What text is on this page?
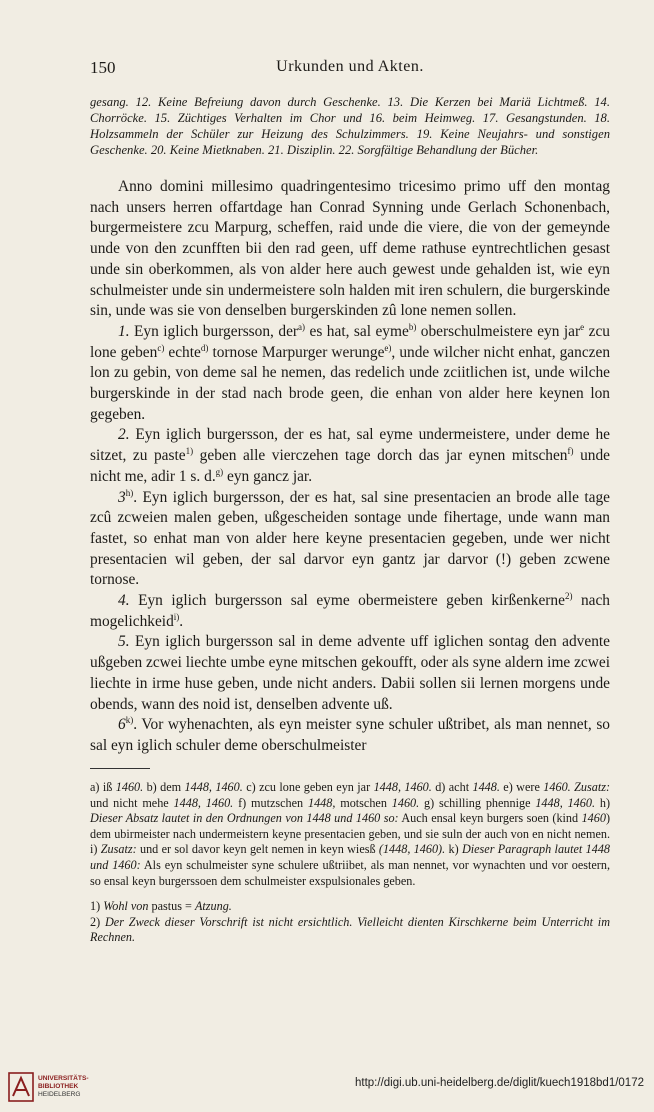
150	Urkunden und Akten.
gesang. 12. Keine Befreiung davon durch Geschenke. 13. Die Kerzen bei Mariä Lichtmeß. 14. Chorröcke. 15. Züchtiges Verhalten im Chor und 16. beim Heimweg. 17. Gesangstunden. 18. Holzsammeln der Schüler zur Heizung des Schulzimmers. 19. Keine Neujahrs- und sonstigen Geschenke. 20. Keine Mietknaben. 21. Disziplin. 22. Sorgfältige Behandlung der Bücher.

Anno domini millesimo quadringentesimo tricesimo primo uff den montag nach unsers herren offartdage han Conrad Synning unde Gerlach Schonenbach, burgermeistere zcu Marpurg, scheffen, raid unde die viere, die von der gemeynde unde von den zcunfften bii den rad geen, uff deme rathuse eyntrechtlichen gesast unde sin oberkommen, als von alder here auch gewest unde gehalden ist, wie eyn schulmeister unde sin undermeistere soln halden mit iren schulern, die burgerskinde sin, unde was sie von denselben burgerskinden zû lone nemen sollen.

1. Eyn iglich burgersson, der$^{a)}$ es hat, sal eyme$^{b)}$ oberschulmeistere eyn jar$^e$ zcu lone geben$^{c)}$ echte$^{d)}$ tornose Marpurger werunge$^{e)}$, unde wilcher nicht enhat, ganczen lon zu gebin, von deme sal he nemen, das redelich unde zciitlichen ist, unde wilche burgerskinde in der stad nach brode geen, die enhan von alder here keynen lon gegeben.

2. Eyn iglich burgersson, der es hat, sal eyme undermeistere, under deme he sitzet, zu paste$^{1)}$ geben alle vierczehen tage dorch das jar eynen mitschen$^{f)}$ unde nicht me, adir 1 s. d.$^{g)}$ eyn gancz jar.

3$^{h)}$. Eyn iglich burgersson, der es hat, sal sine presentacien an brode alle tage zcû zcweien malen geben, ußgescheiden sontage unde fihertage, unde wann man fastet, so enhat man von alder here keyne presentacien gegeben, unde wer nicht presentacien wil geben, der sal darvor eyn gantz jar darvor (!) geben zcwene tornose.

4. Eyn iglich burgersson sal eyme obermeistere geben kirßenkerne$^{2)}$ nach mogelichkeid$^{i)}$.

5. Eyn iglich burgersson sal in deme advente uff iglichen sontag den advente ußgeben zcwei liechte umbe eyne mitschen gekoufft, oder als syne aldern ime zcwei liechte in irme huse geben, unde nicht anders. Dabii sollen sii lernen morgens unde obends, wann des noid ist, denselben advente uß.

6$^{k)}$. Vor wyhenachten, als eyn meister syne schuler ußtribet, als man nennet, so sal eyn iglich schuler deme oberschulmeister

a) iß 1460. b) dem 1448, 1460. c) zcu lone geben eyn jar 1448, 1460. d) acht 1448. e) were 1460. Zusatz: und nicht mehe 1448, 1460. f) mutzschen 1448, motschen 1460. g) schilling phennige 1448, 1460. h) Dieser Absatz lautet in den Ordnungen von 1448 und 1460 so: Auch ensal keyn burgers soen (kind 1460) dem ubirmeister nach undermeistern keyne presentacien geben, und sie suln der auch von en nicht nemen. i) Zusatz: und er sol davor keyn gelt nemen in keyn wiesß (1448, 1460). k) Dieser Paragraph lautet 1448 und 1460: Als eyn schulmeister syne schulere ußtriibet, als man nennet, vor wynachten und vor oestern, so ensal keyn burgerssoen dem schulmeister exspulsionales geben.

1) Wohl von pastus = Atzung.

2) Der Zweck dieser Vorschrift ist nicht ersichtlich. Vielleicht dienten Kirschkerne beim Unterricht im Rechnen.

UNIVERSITÄTS-
BIBLIOTHEK
HEIDELBERG
http://digi.ub.uni-heidelberg.de/diglit/kuech1918bd1/0172
